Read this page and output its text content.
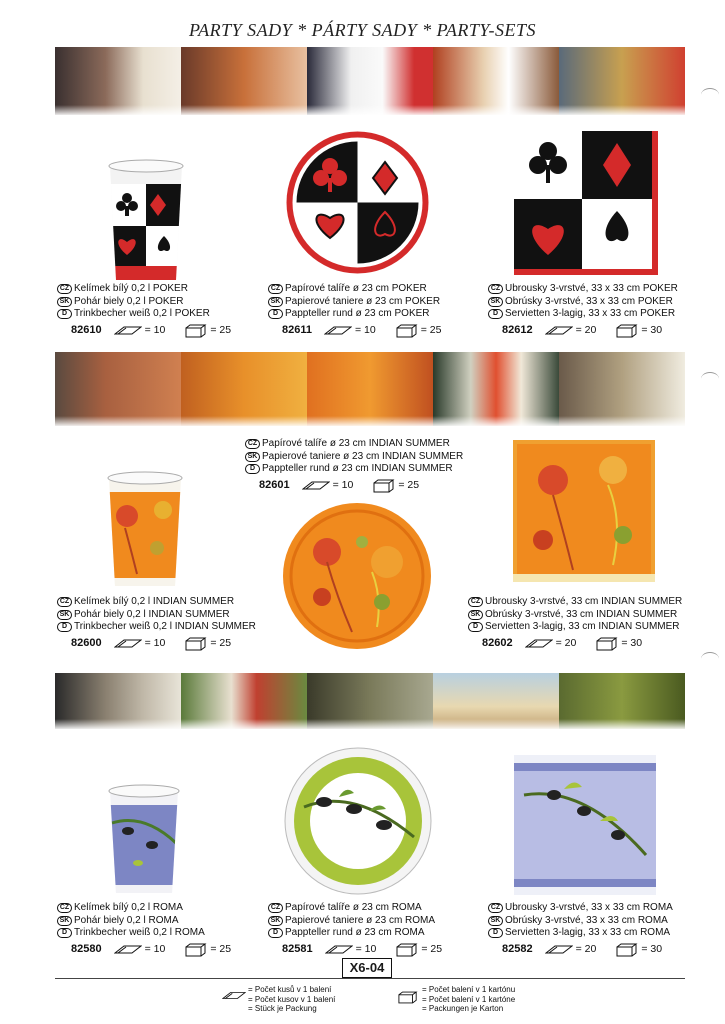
PARTY SADY * PÁRTY SADY * PARTY-SETS
CZ Kelímek bílý 0,2 l POKER
SK Pohár biely 0,2 l POKER
D Trinkbecher weiß 0,2 l POKER
82610	= 10	= 25
CZ Papírové talíře ø 23 cm POKER
SK Papierové taniere ø 23 cm POKER
D Pappteller rund ø 23 cm POKER
82611	= 10	= 25
CZ Ubrousky 3-vrstvé, 33 x 33 cm POKER
SK Obrúsky 3-vrstvé, 33 x 33 cm POKER
D Servietten 3-lagig, 33 x 33 cm POKER
82612	= 20	= 30
CZ Papírové talíře ø 23 cm INDIAN SUMMER
SK Papierové taniere ø 23 cm INDIAN SUMMER
D Pappteller rund ø 23 cm INDIAN SUMMER
82601	= 10	= 25
CZ Kelímek bílý 0,2 l INDIAN SUMMER
SK Pohár biely 0,2 l INDIAN SUMMER
D Trinkbecher weiß 0,2 l INDIAN SUMMER
82600	= 10	= 25
CZ Ubrousky 3-vrstvé, 33 cm INDIAN SUMMER
SK Obrúsky 3-vrstvé, 33 cm INDIAN SUMMER
D Servietten 3-lagig, 33 cm INDIAN SUMMER
82602	= 20	= 30
CZ Kelímek bílý 0,2 l ROMA
SK Pohár biely 0,2 l ROMA
D Trinkbecher weiß 0,2 l ROMA
82580	= 10	= 25
CZ Papírové talíře ø 23 cm ROMA
SK Papierové taniere ø 23 cm ROMA
D Pappteller rund ø 23 cm ROMA
82581	= 10	= 25
CZ Ubrousky 3-vrstvé, 33 x 33 cm ROMA
SK Obrúsky 3-vrstvé, 33 x 33 cm ROMA
D Servietten 3-lagig, 33 x 33 cm ROMA
82582	= 20	= 30
X6-04
= Počet kusů v 1 balení
= Počet kusov v 1 balení
= Stück je Packung
= Počet balení v 1 kartónu
= Počet balení v 1 kartóne
= Packungen je Karton
